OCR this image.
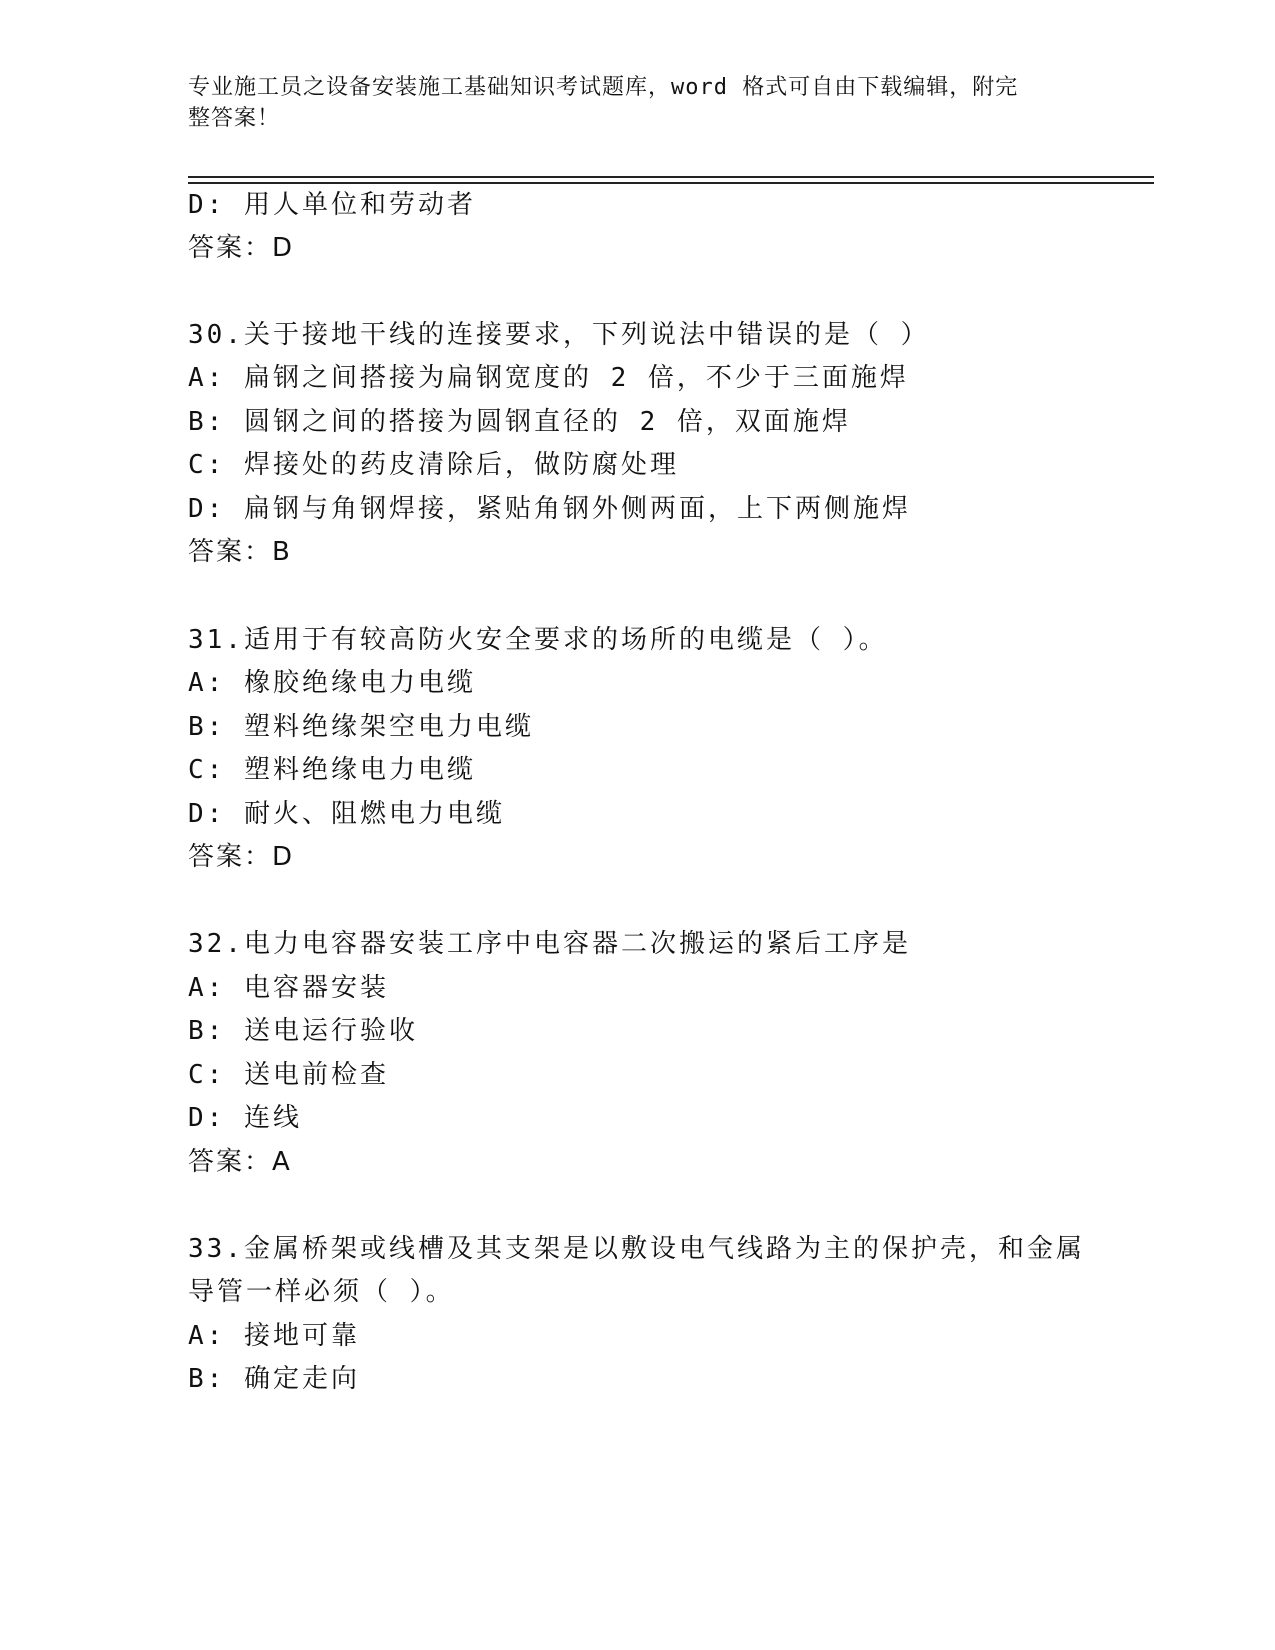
专业施工员之设备安装施工基础知识考试题库，word 格式可自由下载编辑，附完
整答案！
D: 用人单位和劳动者
答案：D
30.关于接地干线的连接要求，下列说法中错误的是（ ）
A: 扁钢之间搭接为扁钢宽度的 2 倍，不少于三面施焊
B: 圆钢之间的搭接为圆钢直径的 2 倍，双面施焊
C: 焊接处的药皮清除后，做防腐处理
D: 扁钢与角钢焊接，紧贴角钢外侧两面，上下两侧施焊
答案：B
31.适用于有较高防火安全要求的场所的电缆是（ ）。
A: 橡胶绝缘电力电缆
B: 塑料绝缘架空电力电缆
C: 塑料绝缘电力电缆
D: 耐火、阻燃电力电缆
答案：D
32.电力电容器安装工序中电容器二次搬运的紧后工序是
A: 电容器安装
B: 送电运行验收
C: 送电前检查
D: 连线
答案：A
33.金属桥架或线槽及其支架是以敷设电气线路为主的保护壳，和金属
导管一样必须（ ）。
A: 接地可靠
B: 确定走向
